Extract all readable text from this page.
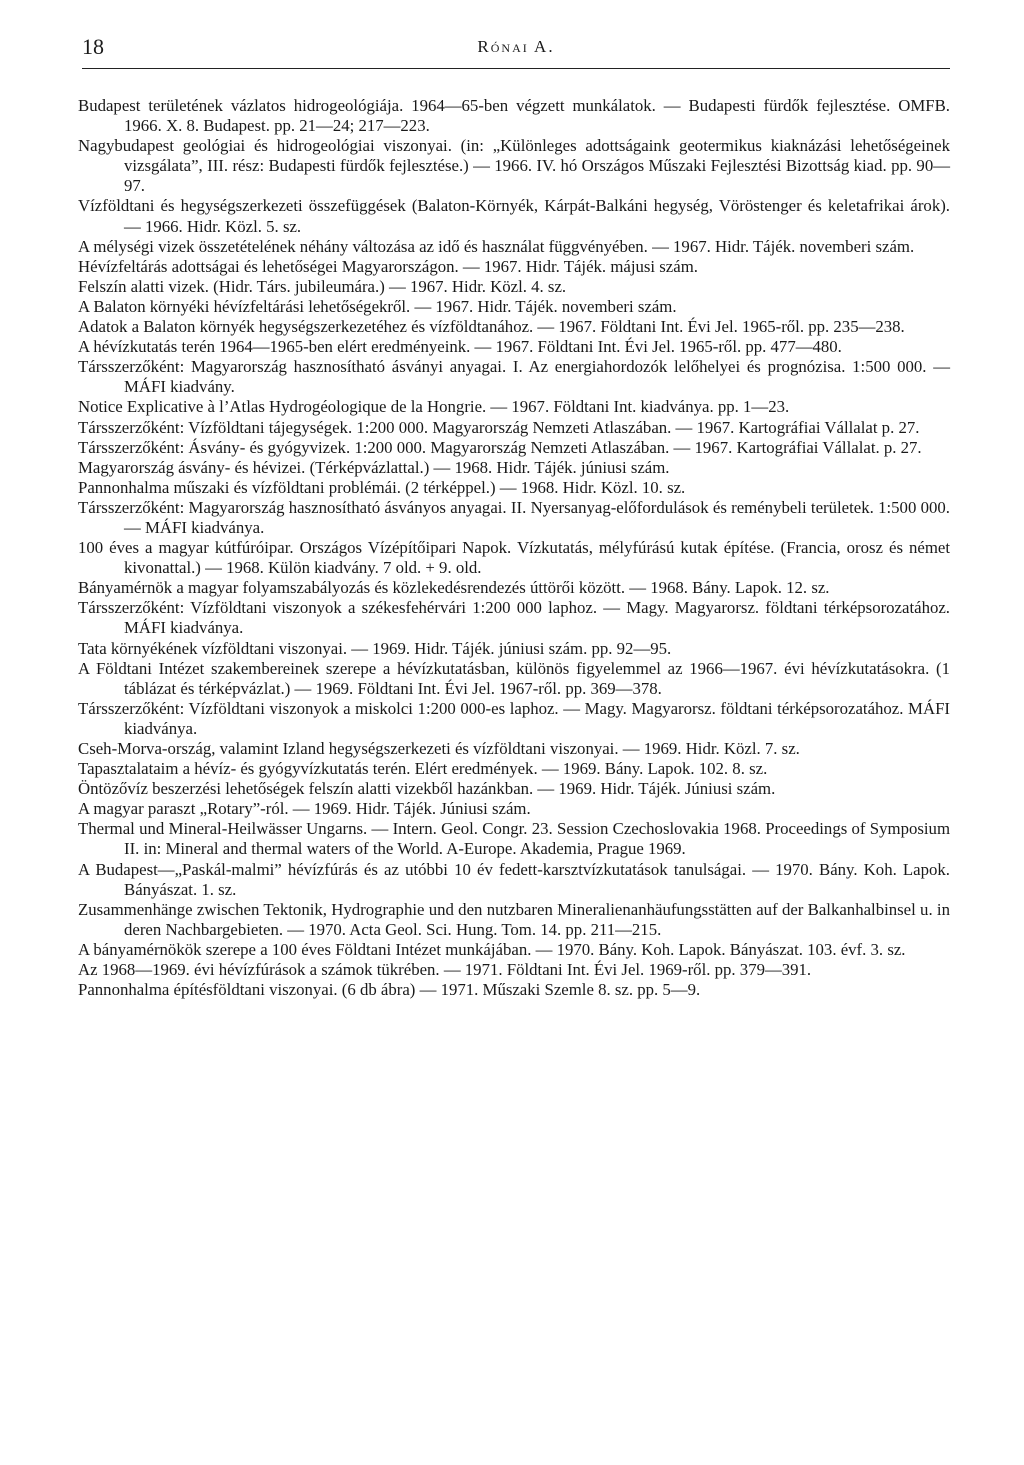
18	Rónai A.
Budapest területének vázlatos hidrogeológiája. 1964—65-ben végzett munkálatok. — Budapesti fürdők fejlesztése. OMFB. 1966. X. 8. Budapest. pp. 21—24; 217—223.
Nagybudapest geológiai és hidrogeológiai viszonyai. (in: „Különleges adottságaink geotermikus kiaknázási lehetőségeinek vizsgálata”, III. rész: Budapesti fürdők fejlesztése.) — 1966. IV. hó Országos Műszaki Fejlesztési Bizottság kiad. pp. 90—97.
Vízföldtani és hegységszerkezeti összefüggések (Balaton-Környék, Kárpát-Balkáni hegység, Vöröstenger és keletafrikai árok). — 1966. Hidr. Közl. 5. sz.
A mélységi vizek összetételének néhány változása az idő és használat függvényében. — 1967. Hidr. Tájék. novemberi szám.
Hévízfeltárás adottságai és lehetőségei Magyarországon. — 1967. Hidr. Tájék. májusi szám.
Felszín alatti vizek. (Hidr. Társ. jubileumára.) — 1967. Hidr. Közl. 4. sz.
A Balaton környéki hévízfeltárási lehetőségekről. — 1967. Hidr. Tájék. novemberi szám.
Adatok a Balaton környék hegységszerkezetéhez és vízföldtanához. — 1967. Földtani Int. Évi Jel. 1965-ről. pp. 235—238.
A hévízkutatás terén 1964—1965-ben elért eredményeink. — 1967. Földtani Int. Évi Jel. 1965-ről. pp. 477—480.
Társszerzőként: Magyarország hasznosítható ásványi anyagai. I. Az energiahordozók lelőhelyei és prognózisa. 1:500 000. — MÁFI kiadvány.
Notice Explicative à l’Atlas Hydrogéologique de la Hongrie. — 1967. Földtani Int. kiadványa. pp. 1—23.
Társszerzőként: Vízföldtani tájegységek. 1:200 000. Magyarország Nemzeti Atlaszában. — 1967. Kartográfiai Vállalat p. 27.
Társszerzőként: Ásvány- és gyógyvizek. 1:200 000. Magyarország Nemzeti Atlaszában. — 1967. Kartográfiai Vállalat. p. 27.
Magyarország ásvány- és hévizei. (Térképvázlattal.) — 1968. Hidr. Tájék. júniusi szám.
Pannonhalma műszaki és vízföldtani problémái. (2 térképpel.) — 1968. Hidr. Közl. 10. sz.
Társszerzőként: Magyarország hasznosítható ásványos anyagai. II. Nyersanyag-előfordulások és reménybeli területek. 1:500 000. — MÁFI kiadványa.
100 éves a magyar kútfúróipar. Országos Vízépítőipari Napok. Vízkutatás, mélyfúrású kutak építése. (Francia, orosz és német kivonattal.) — 1968. Külön kiadvány. 7 old. + 9. old.
Bányamérnök a magyar folyamszabályozás és közlekedésrendezés úttörői között. — 1968. Bány. Lapok. 12. sz.
Társszerzőként: Vízföldtani viszonyok a székesfehérvári 1:200 000 laphoz. — Magy. Magyarorsz. földtani térképsorozatához. MÁFI kiadványa.
Tata környékének vízföldtani viszonyai. — 1969. Hidr. Tájék. júniusi szám. pp. 92—95.
A Földtani Intézet szakembereinek szerepe a hévízkutatásban, különös figyelemmel az 1966—1967. évi hévízkutatásokra. (1 táblázat és térképvázlat.) — 1969. Földtani Int. Évi Jel. 1967-ről. pp. 369—378.
Társszerzőként: Vízföldtani viszonyok a miskolci 1:200 000-es laphoz. — Magy. Magyarorsz. földtani térképsorozatához. MÁFI kiadványa.
Cseh-Morva-ország, valamint Izland hegységszerkezeti és vízföldtani viszonyai. — 1969. Hidr. Közl. 7. sz.
Tapasztalataim a hévíz- és gyógyvízkutatás terén. Elért eredmények. — 1969. Bány. Lapok. 102. 8. sz.
Öntözővíz beszerzési lehetőségek felszín alatti vizekből hazánkban. — 1969. Hidr. Tájék. Júniusi szám.
A magyar paraszt „Rotary”-ról. — 1969. Hidr. Tájék. Júniusi szám.
Thermal und Mineral-Heilwässer Ungarns. — Intern. Geol. Congr. 23. Session Czechoslovakia 1968. Proceedings of Symposium II. in: Mineral and thermal waters of the World. A-Europe. Akademia, Prague 1969.
A Budapest—„Paskál-malmi” hévízfúrás és az utóbbi 10 év fedett-karsztvízkutatások tanulságai. — 1970. Bány. Koh. Lapok. Bányászat. 1. sz.
Zusammenhänge zwischen Tektonik, Hydrographie und den nutzbaren Mineralienanhäufungsstätten auf der Balkanhalbinsel u. in deren Nachbargebieten. — 1970. Acta Geol. Sci. Hung. Tom. 14. pp. 211—215.
A bányamérnökök szerepe a 100 éves Földtani Intézet munkájában. — 1970. Bány. Koh. Lapok. Bányászat. 103. évf. 3. sz.
Az 1968—1969. évi hévízfúrások a számok tükrében. — 1971. Földtani Int. Évi Jel. 1969-ről. pp. 379—391.
Pannonhalma építésföldtani viszonyai. (6 db ábra) — 1971. Műszaki Szemle 8. sz. pp. 5—9.
